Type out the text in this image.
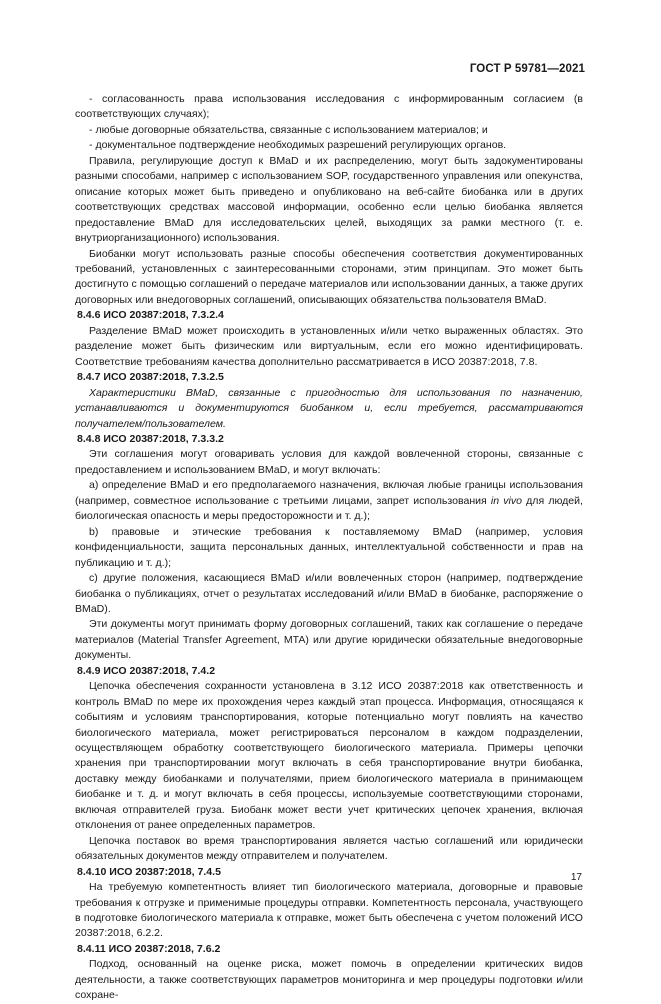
ГОСТ Р 59781—2021

- согласованность права использования исследования с информированным согласием (в соответствующих случаях);

- любые договорные обязательства, связанные с использованием материалов; и

- документальное подтверждение необходимых разрешений регулирующих органов.

Правила, регулирующие доступ к BMaD и их распределению, могут быть задокументированы разными способами, например с использованием SOP, государственного управления или опекунства, описание которых может быть приведено и опубликовано на веб-сайте биобанка или в других соответствующих средствах массовой информации, особенно если целью биобанка является предоставление BMaD для исследовательских целей, выходящих за рамки местного (т. е. внутриорганизационного) использования.

Биобанки могут использовать разные способы обеспечения соответствия документированных требований, установленных с заинтересованными сторонами, этим принципам. Это может быть достигнуто с помощью соглашений о передаче материалов или использовании данных, а также других договорных или внедоговорных соглашений, описывающих обязательства пользователя BMaD.

8.4.6 ИСО 20387:2018, 7.3.2.4

Разделение BMaD может происходить в установленных и/или четко выраженных областях. Это разделение может быть физическим или виртуальным, если его можно идентифицировать. Соответствие требованиям качества дополнительно рассматривается в ИСО 20387:2018, 7.8.

8.4.7 ИСО 20387:2018, 7.3.2.5

Характеристики BMaD, связанные с пригодностью для использования по назначению, устанавливаются и документируются биобанком и, если требуется, рассматриваются получателем/пользователем.

8.4.8 ИСО 20387:2018, 7.3.3.2

Эти соглашения могут оговаривать условия для каждой вовлеченной стороны, связанные с предоставлением и использованием BMaD, и могут включать:

a) определение BMaD и его предполагаемого назначения, включая любые границы использования (например, совместное использование с третьими лицами, запрет использования in vivo для людей, биологическая опасность и меры предосторожности и т. д.);

b) правовые и этические требования к поставляемому BMaD (например, условия конфиденциальности, защита персональных данных, интеллектуальной собственности и прав на публикацию и т. д.);

c) другие положения, касающиеся BMaD и/или вовлеченных сторон (например, подтверждение биобанка о публикациях, отчет о результатах исследований и/или BMaD в биобанке, распоряжение о BMaD).

Эти документы могут принимать форму договорных соглашений, таких как соглашение о передаче материалов (Material Transfer Agreement, MTA) или другие юридически обязательные внедоговорные документы.

8.4.9 ИСО 20387:2018, 7.4.2

Цепочка обеспечения сохранности установлена в 3.12 ИСО 20387:2018 как ответственность и контроль BMaD по мере их прохождения через каждый этап процесса. Информация, относящаяся к событиям и условиям транспортирования, которые потенциально могут повлиять на качество биологического материала, может регистрироваться персоналом в каждом подразделении, осуществляющем обработку соответствующего биологического материала. Примеры цепочки хранения при транспортировании могут включать в себя транспортирование внутри биобанка, доставку между биобанками и получателями, прием биологического материала в принимающем биобанке и т. д. и могут включать в себя процессы, используемые соответствующими сторонами, включая отправителей груза. Биобанк может вести учет критических цепочек хранения, включая отклонения от ранее определенных параметров.

Цепочка поставок во время транспортирования является частью соглашений или юридически обязательных документов между отправителем и получателем.

8.4.10 ИСО 20387:2018, 7.4.5

На требуемую компетентность влияет тип биологического материала, договорные и правовые требования к отгрузке и применимые процедуры отправки. Компетентность персонала, участвующего в подготовке биологического материала к отправке, может быть обеспечена с учетом положений ИСО 20387:2018, 6.2.2.

8.4.11 ИСО 20387:2018, 7.6.2

Подход, основанный на оценке риска, может помочь в определении критических видов деятельности, а также соответствующих параметров мониторинга и мер процедуры подготовки и/или сохране-

17
